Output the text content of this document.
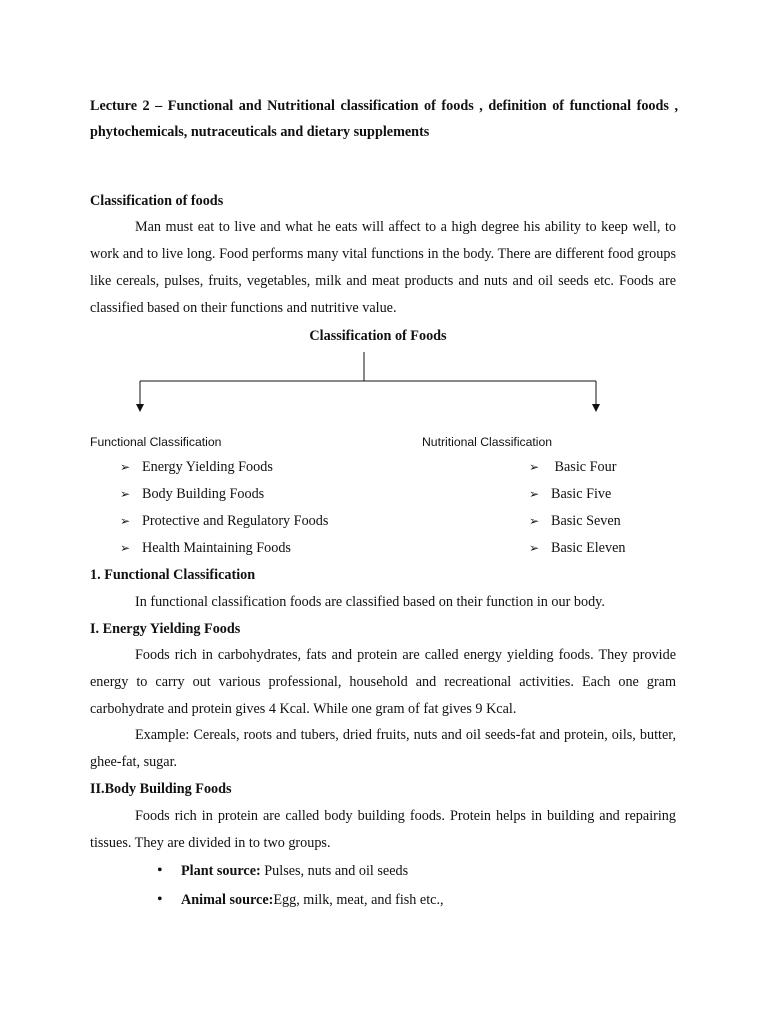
Lecture 2 – Functional and Nutritional classification of foods , definition of functional foods , phytochemicals, nutraceuticals and dietary supplements
Classification of foods

Man must eat to live and what he eats will affect to a high degree his ability to keep well, to work and to live long. Food performs many vital functions in the body. There are different food groups like cereals, pulses, fruits, vegetables, milk and meat products and nuts and oil seeds etc. Foods are classified based on their functions and nutritive value.

Classification of Foods
Functional Classification	Nutritional Classification
➢ Energy Yielding Foods
➢ Body Building Foods
➢ Protective and Regulatory Foods
➢ Health Maintaining Foods
➢ Basic Four
➢ Basic Five
➢ Basic Seven
➢ Basic Eleven
1. Functional Classification

In functional classification foods are classified based on their function in our body.

I. Energy Yielding Foods

Foods rich in carbohydrates, fats and protein are called energy yielding foods. They provide energy to carry out various professional, household and recreational activities. Each one gram carbohydrate and protein gives 4 Kcal. While one gram of fat gives 9 Kcal.

Example: Cereals, roots and tubers, dried fruits, nuts and oil seeds-fat and protein, oils, butter, ghee-fat, sugar.

II.Body Building Foods

Foods rich in protein are called body building foods. Protein helps in building and repairing tissues. They are divided in to two groups.

• Plant source: Pulses, nuts and oil seeds
• Animal source:Egg, milk, meat, and fish etc.,
